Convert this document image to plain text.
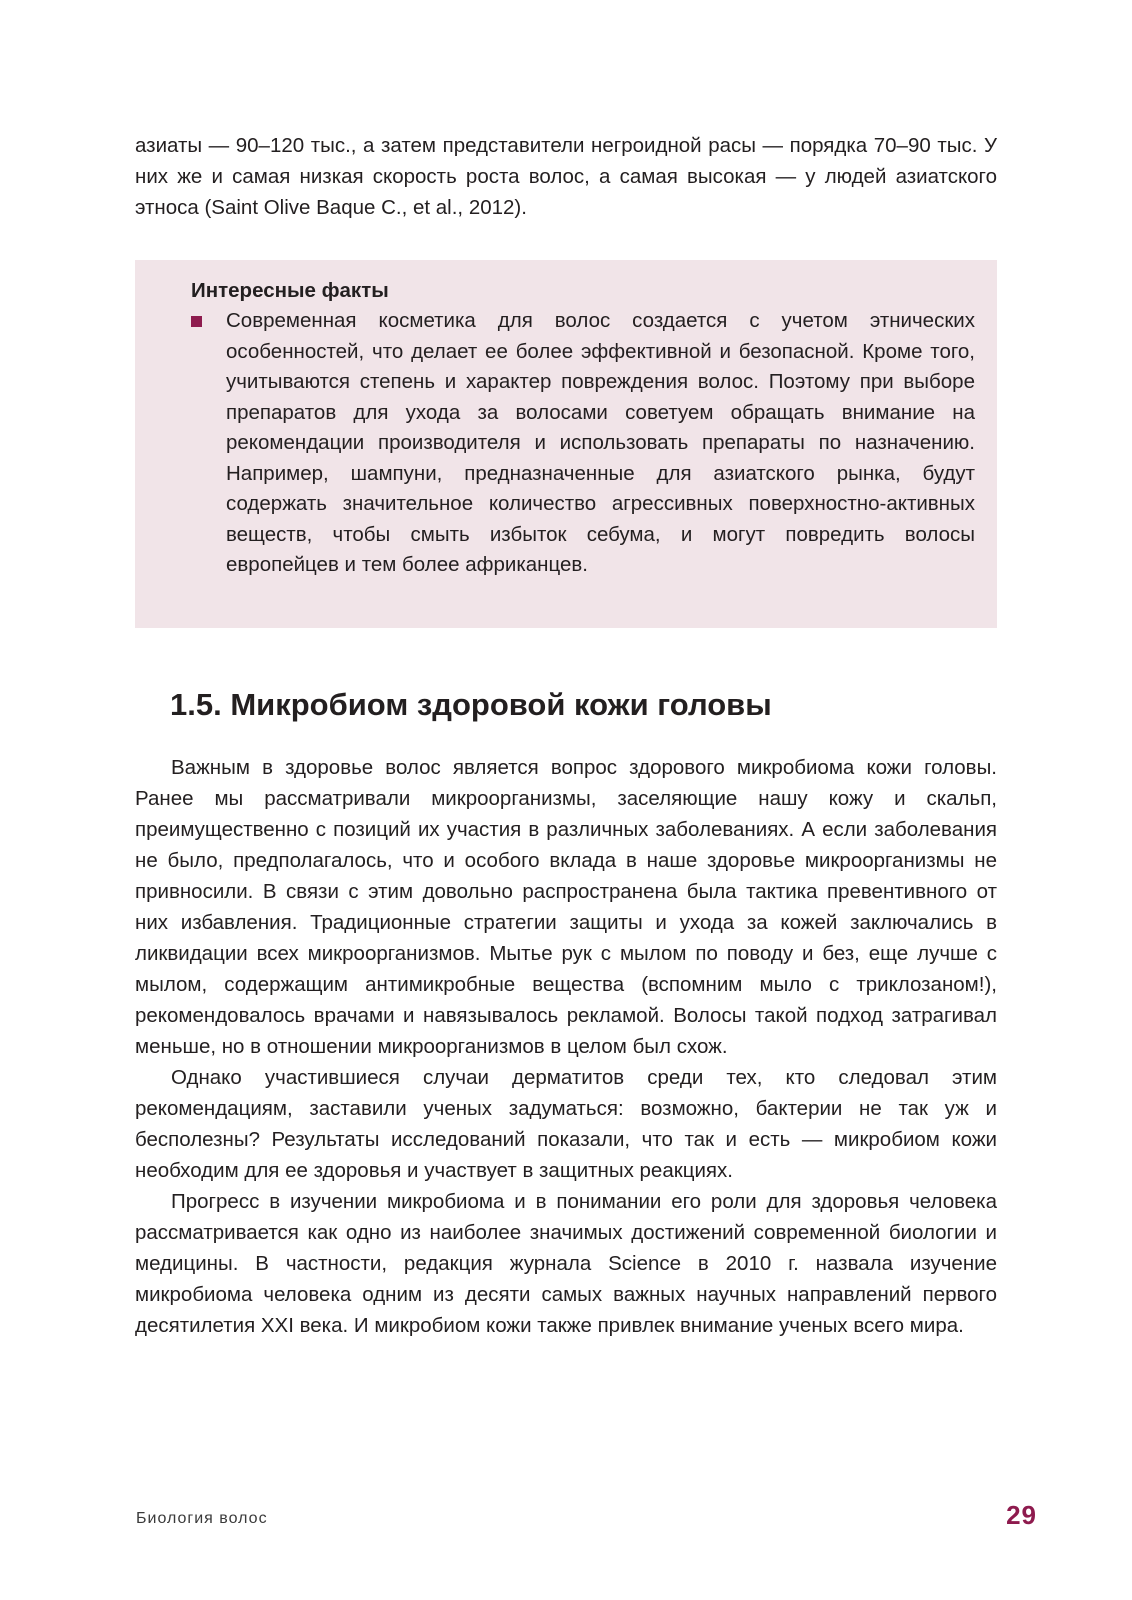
азиаты — 90–120 тыс., а затем представители негроидной расы — порядка 70–90 тыс. У них же и самая низкая скорость роста волос, а самая высокая — у людей азиатского этноса (Saint Olive Baque C., et al., 2012).

Интересные факты

Современная косметика для волос создается с учетом этнических особенностей, что делает ее более эффективной и безопасной. Кроме того, учитываются степень и характер повреждения волос. Поэтому при выборе препаратов для ухода за волосами советуем обращать внимание на рекомендации производителя и использовать препараты по назначению. Например, шампуни, предназначенные для азиатского рынка, будут содержать значительное количество агрессивных поверхностно-активных веществ, чтобы смыть избыток себума, и могут повредить волосы европейцев и тем более африканцев.
1.5. Микробиом здоровой кожи головы

Важным в здоровье волос является вопрос здорового микробиома кожи головы. Ранее мы рассматривали микроорганизмы, заселяющие нашу кожу и скальп, преимущественно с позиций их участия в различных заболеваниях. А если заболевания не было, предполагалось, что и особого вклада в наше здоровье микроорганизмы не привносили. В связи с этим довольно распространена была тактика превентивного от них избавления. Традиционные стратегии защиты и ухода за кожей заключались в ликвидации всех микроорганизмов. Мытье рук с мылом по поводу и без, еще лучше с мылом, содержащим антимикробные вещества (вспомним мыло с триклозаном!), рекомендовалось врачами и навязывалось рекламой. Волосы такой подход затрагивал меньше, но в отношении микроорганизмов в целом был схож.

Однако участившиеся случаи дерматитов среди тех, кто следовал этим рекомендациям, заставили ученых задуматься: возможно, бактерии не так уж и бесполезны? Результаты исследований показали, что так и есть — микробиом кожи необходим для ее здоровья и участвует в защитных реакциях.

Прогресс в изучении микробиома и в понимании его роли для здоровья человека рассматривается как одно из наиболее значимых достижений современной биологии и медицины. В частности, редакция журнала Science в 2010 г. назвала изучение микробиома человека одним из десяти самых важных научных направлений первого десятилетия XXI века. И микробиом кожи также привлек внимание ученых всего мира.

Биология волос	29
